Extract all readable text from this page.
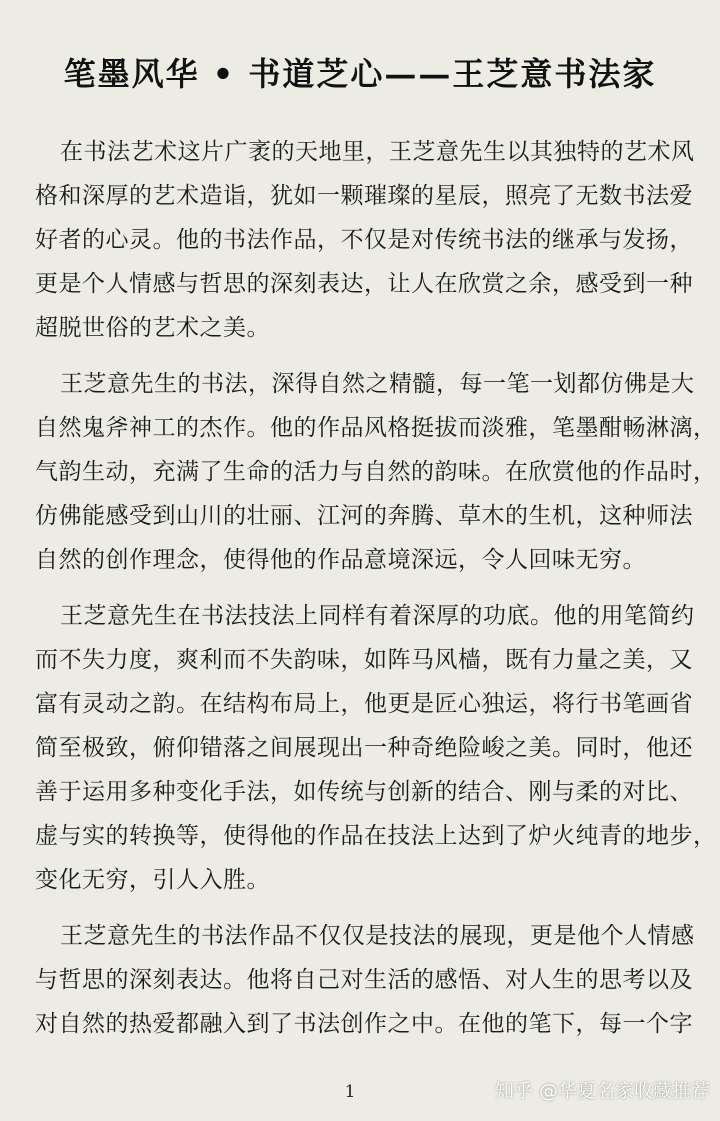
笔墨风华 • 书道芝心——王芝意书法家
在书法艺术这片广袤的天地里，王芝意先生以其独特的艺术风
格和深厚的艺术造诣，犹如一颗璀璨的星辰，照亮了无数书法爱
好者的心灵。他的书法作品，不仅是对传统书法的继承与发扬，
更是个人情感与哲思的深刻表达，让人在欣赏之余，感受到一种
超脱世俗的艺术之美。
王芝意先生的书法，深得自然之精髓，每一笔一划都仿佛是大
自然鬼斧神工的杰作。他的作品风格挺拔而淡雅，笔墨酣畅淋漓，
气韵生动，充满了生命的活力与自然的韵味。在欣赏他的作品时，
仿佛能感受到山川的壮丽、江河的奔腾、草木的生机，这种师法
自然的创作理念，使得他的作品意境深远，令人回味无穷。
王芝意先生在书法技法上同样有着深厚的功底。他的用笔简约
而不失力度，爽利而不失韵味，如阵马风樯，既有力量之美，又
富有灵动之韵。在结构布局上，他更是匠心独运，将行书笔画省
简至极致，俯仰错落之间展现出一种奇绝险峻之美。同时，他还
善于运用多种变化手法，如传统与创新的结合、刚与柔的对比、
虚与实的转换等，使得他的作品在技法上达到了炉火纯青的地步，
变化无穷，引人入胜。
王芝意先生的书法作品不仅仅是技法的展现，更是他个人情感
与哲思的深刻表达。他将自己对生活的感悟、对人生的思考以及
对自然的热爱都融入到了书法创作之中。在他的笔下，每一个字
1	知乎 @华夏名家收藏推荐
